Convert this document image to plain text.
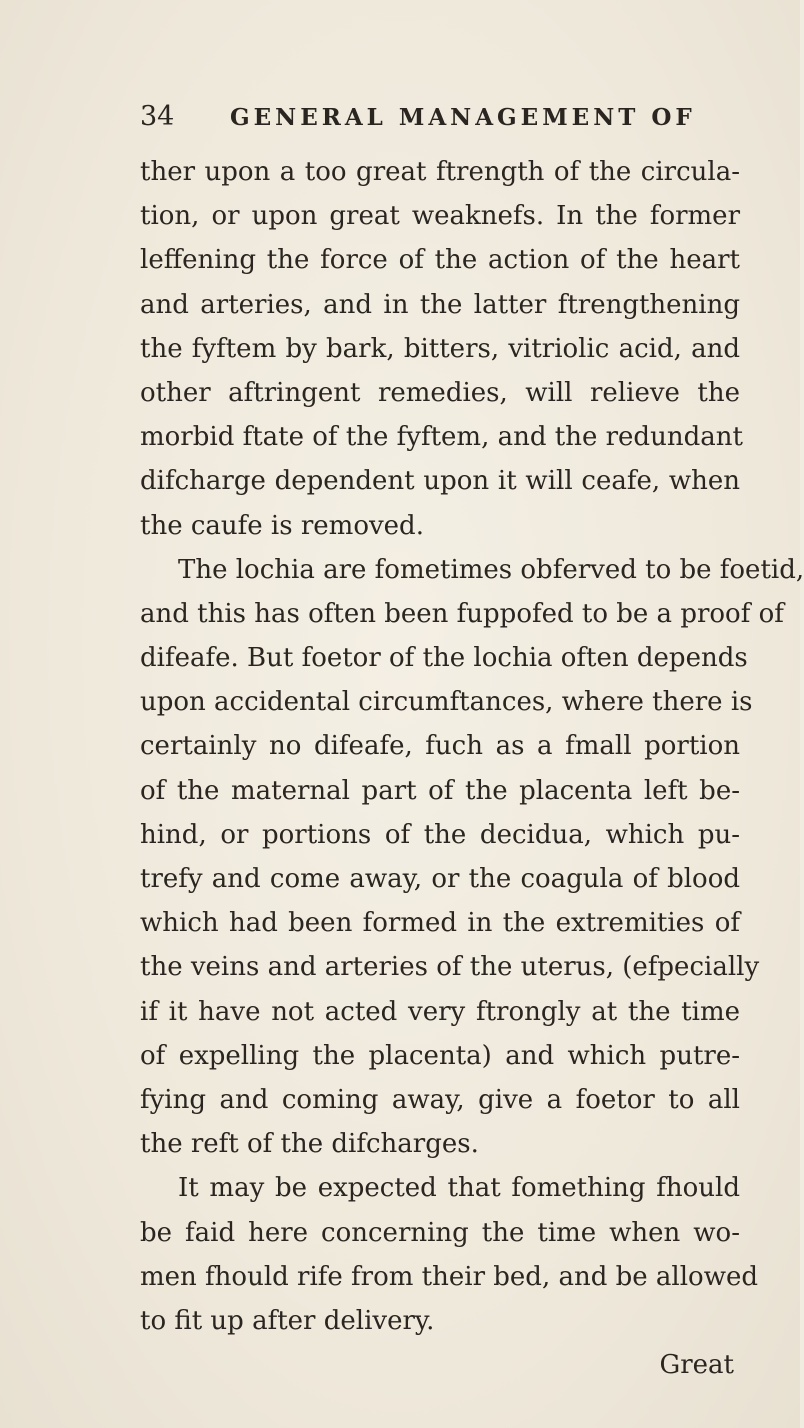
34 GENERAL MANAGEMENT OF
ther upon a too great ftrength of the circula-
tion, or upon great weaknefs. In the former
leffening the force of the action of the heart
and arteries, and in the latter ftrengthening
the fyftem by bark, bitters, vitriolic acid, and
other aftringent remedies, will relieve the
morbid ftate of the fyftem, and the redundant
difcharge dependent upon it will ceafe, when
the caufe is removed.
The lochia are fometimes obferved to be foetid,
and this has often been fuppofed to be a proof of
difeafe. But foetor of the lochia often depends
upon accidental circumftances, where there is
certainly no difeafe, fuch as a fmall portion
of the maternal part of the placenta left be-
hind, or portions of the decidua, which pu-
trefy and come away, or the coagula of blood
which had been formed in the extremities of
the veins and arteries of the uterus, (efpecially
if it have not acted very ftrongly at the time
of expelling the placenta) and which putre-
fying and coming away, give a foetor to all
the reft of the difcharges.
It may be expected that fomething fhould
be faid here concerning the time when wo-
men fhould rife from their bed, and be allowed
to fit up after delivery.
Great
